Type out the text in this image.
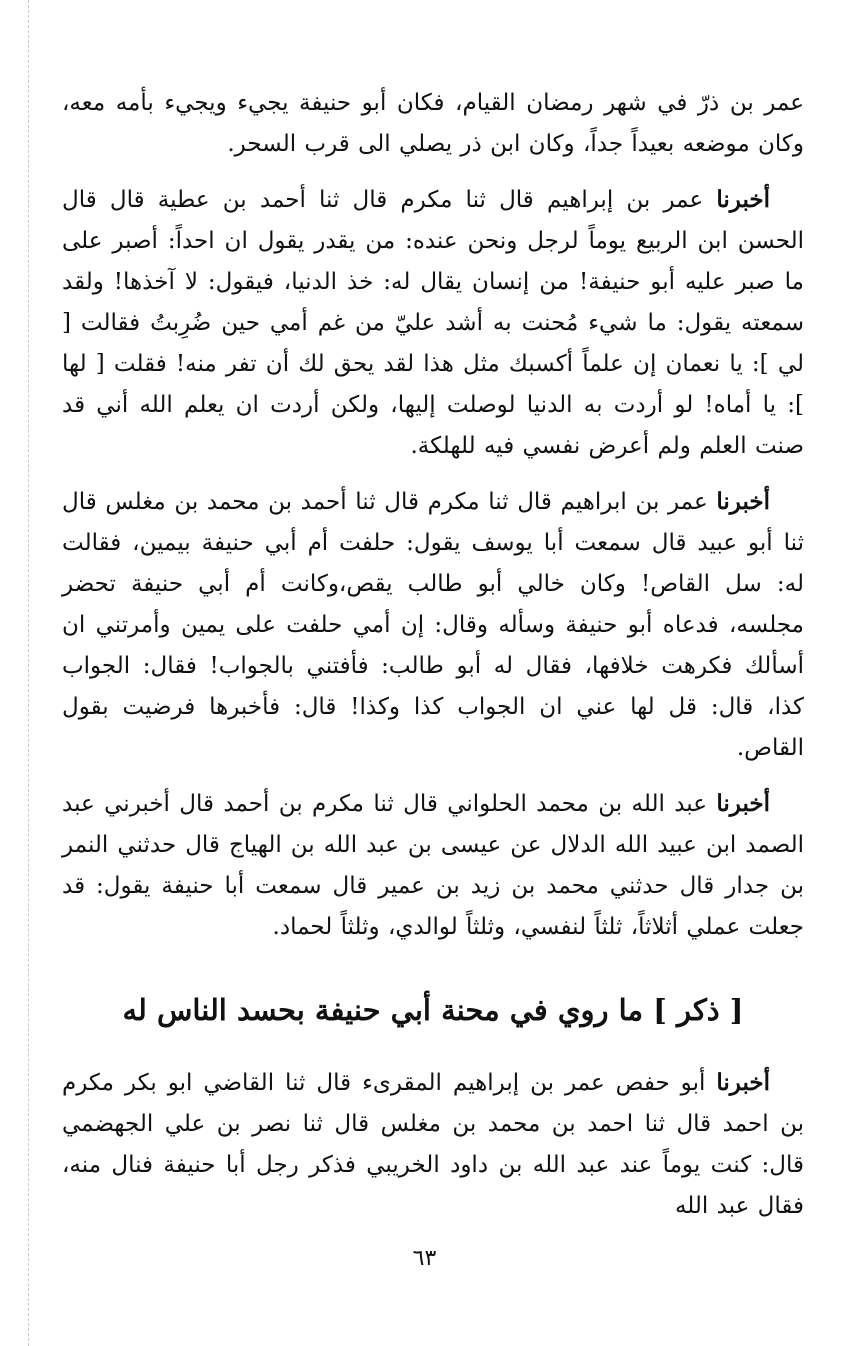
عمر بن ذرّ في شهر رمضان القيام، فكان أبو حنيفة يجيء ويجيء بأمه معه، وكان موضعه بعيداً جداً، وكان ابن ذر يصلي الى قرب السحر.

أخبرنا عمر بن إبراهيم قال ثنا مكرم قال ثنا أحمد بن عطية قال قال الحسن ابن الربيع يوماً لرجل ونحن عنده: من يقدر يقول ان احداً: أصبر على ما صبر عليه أبو حنيفة! من إنسان يقال له: خذ الدنيا، فيقول: لا آخذها! ولقد سمعته يقول: ما شيء مُحنت به أشد عليّ من غم أمي حين ضُرِبتُ فقالت [ لي ]: يا نعمان إن علماً أكسبك مثل هذا لقد يحق لك أن تفر منه! فقلت [ لها ]: يا أماه! لو أردت به الدنيا لوصلت إليها، ولكن أردت ان يعلم الله أني قد صنت العلم ولم أعرض نفسي فيه للهلكة.

أخبرنا عمر بن ابراهيم قال ثنا مكرم قال ثنا أحمد بن محمد بن مغلس قال ثنا أبو عبيد قال سمعت أبا يوسف يقول: حلفت أم أبي حنيفة بيمين، فقالت له: سل القاص! وكان خالي أبو طالب يقص،وكانت أم أبي حنيفة تحضر مجلسه، فدعاه أبو حنيفة وسأله وقال: إن أمي حلفت على يمين وأمرتني ان أسألك فكرهت خلافها، فقال له أبو طالب: فأفتني بالجواب! فقال: الجواب كذا، قال: قل لها عني ان الجواب كذا وكذا! قال: فأخبرها فرضيت بقول القاص.

أخبرنا عبد الله بن محمد الحلواني قال ثنا مكرم بن أحمد قال أخبرني عبد الصمد ابن عبيد الله الدلال عن عيسى بن عبد الله بن الهياج قال حدثني النمر بن جدار قال حدثني محمد بن زيد بن عمير قال سمعت أبا حنيفة يقول: قد جعلت عملي أثلاثاً، ثلثاً لنفسي، وثلثاً لوالدي، وثلثاً لحماد.

[ ذكر ] ما روي في محنة أبي حنيفة بحسد الناس له

أخبرنا أبو حفص عمر بن إبراهيم المقرىء قال ثنا القاضي ابو بكر مكرم بن احمد قال ثنا احمد بن محمد بن مغلس قال ثنا نصر بن علي الجهضمي قال: كنت يوماً عند عبد الله بن داود الخريبي فذكر رجل أبا حنيفة فنال منه، فقال عبد الله

٦٣
